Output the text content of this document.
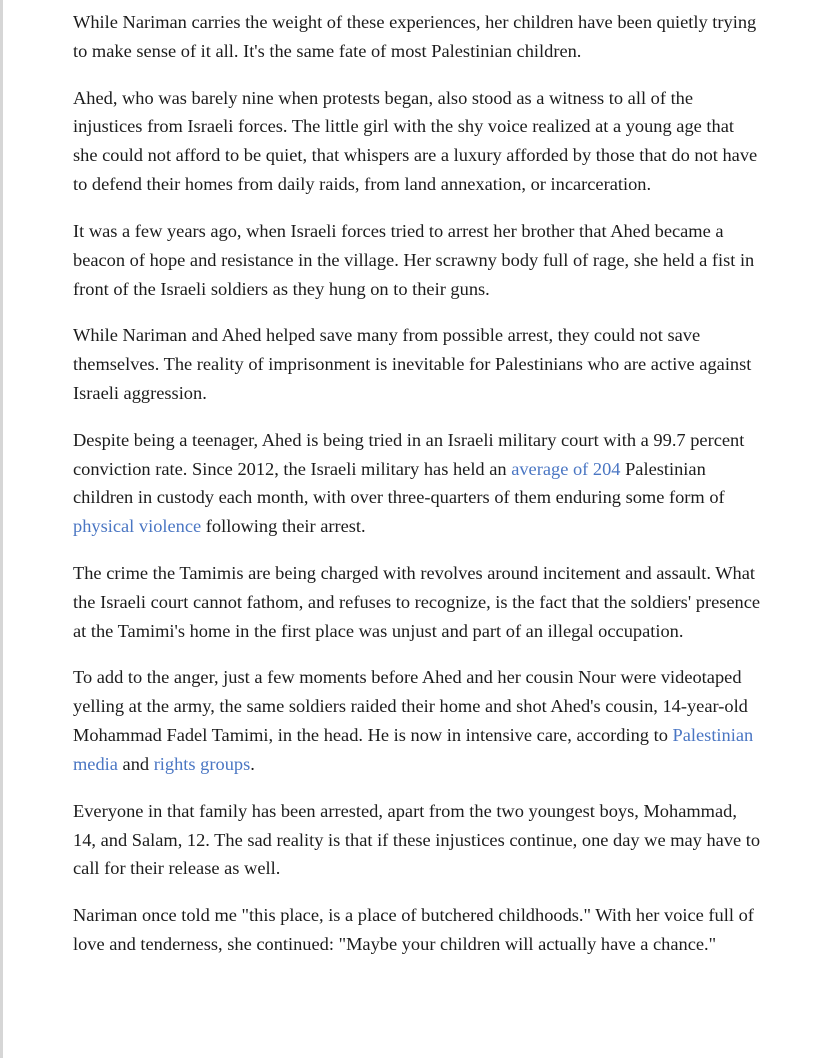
While Nariman carries the weight of these experiences, her children have been quietly trying to make sense of it all. It's the same fate of most Palestinian children.

Ahed, who was barely nine when protests began, also stood as a witness to all of the injustices from Israeli forces. The little girl with the shy voice realized at a young age that she could not afford to be quiet, that whispers are a luxury afforded by those that do not have to defend their homes from daily raids, from land annexation, or incarceration.

It was a few years ago, when Israeli forces tried to arrest her brother that Ahed became a beacon of hope and resistance in the village. Her scrawny body full of rage, she held a fist in front of the Israeli soldiers as they hung on to their guns.

While Nariman and Ahed helped save many from possible arrest, they could not save themselves. The reality of imprisonment is inevitable for Palestinians who are active against Israeli aggression.

Despite being a teenager, Ahed is being tried in an Israeli military court with a 99.7 percent conviction rate. Since 2012, the Israeli military has held an average of 204 Palestinian children in custody each month, with over three-quarters of them enduring some form of physical violence following their arrest.

The crime the Tamimis are being charged with revolves around incitement and assault. What the Israeli court cannot fathom, and refuses to recognize, is the fact that the soldiers' presence at the Tamimi's home in the first place was unjust and part of an illegal occupation.

To add to the anger, just a few moments before Ahed and her cousin Nour were videotaped yelling at the army, the same soldiers raided their home and shot Ahed's cousin, 14-year-old Mohammad Fadel Tamimi, in the head. He is now in intensive care, according to Palestinian media and rights groups.

Everyone in that family has been arrested, apart from the two youngest boys, Mohammad, 14, and Salam, 12. The sad reality is that if these injustices continue, one day we may have to call for their release as well.

Nariman once told me "this place, is a place of butchered childhoods." With her voice full of love and tenderness, she continued: "Maybe your children will actually have a chance."
